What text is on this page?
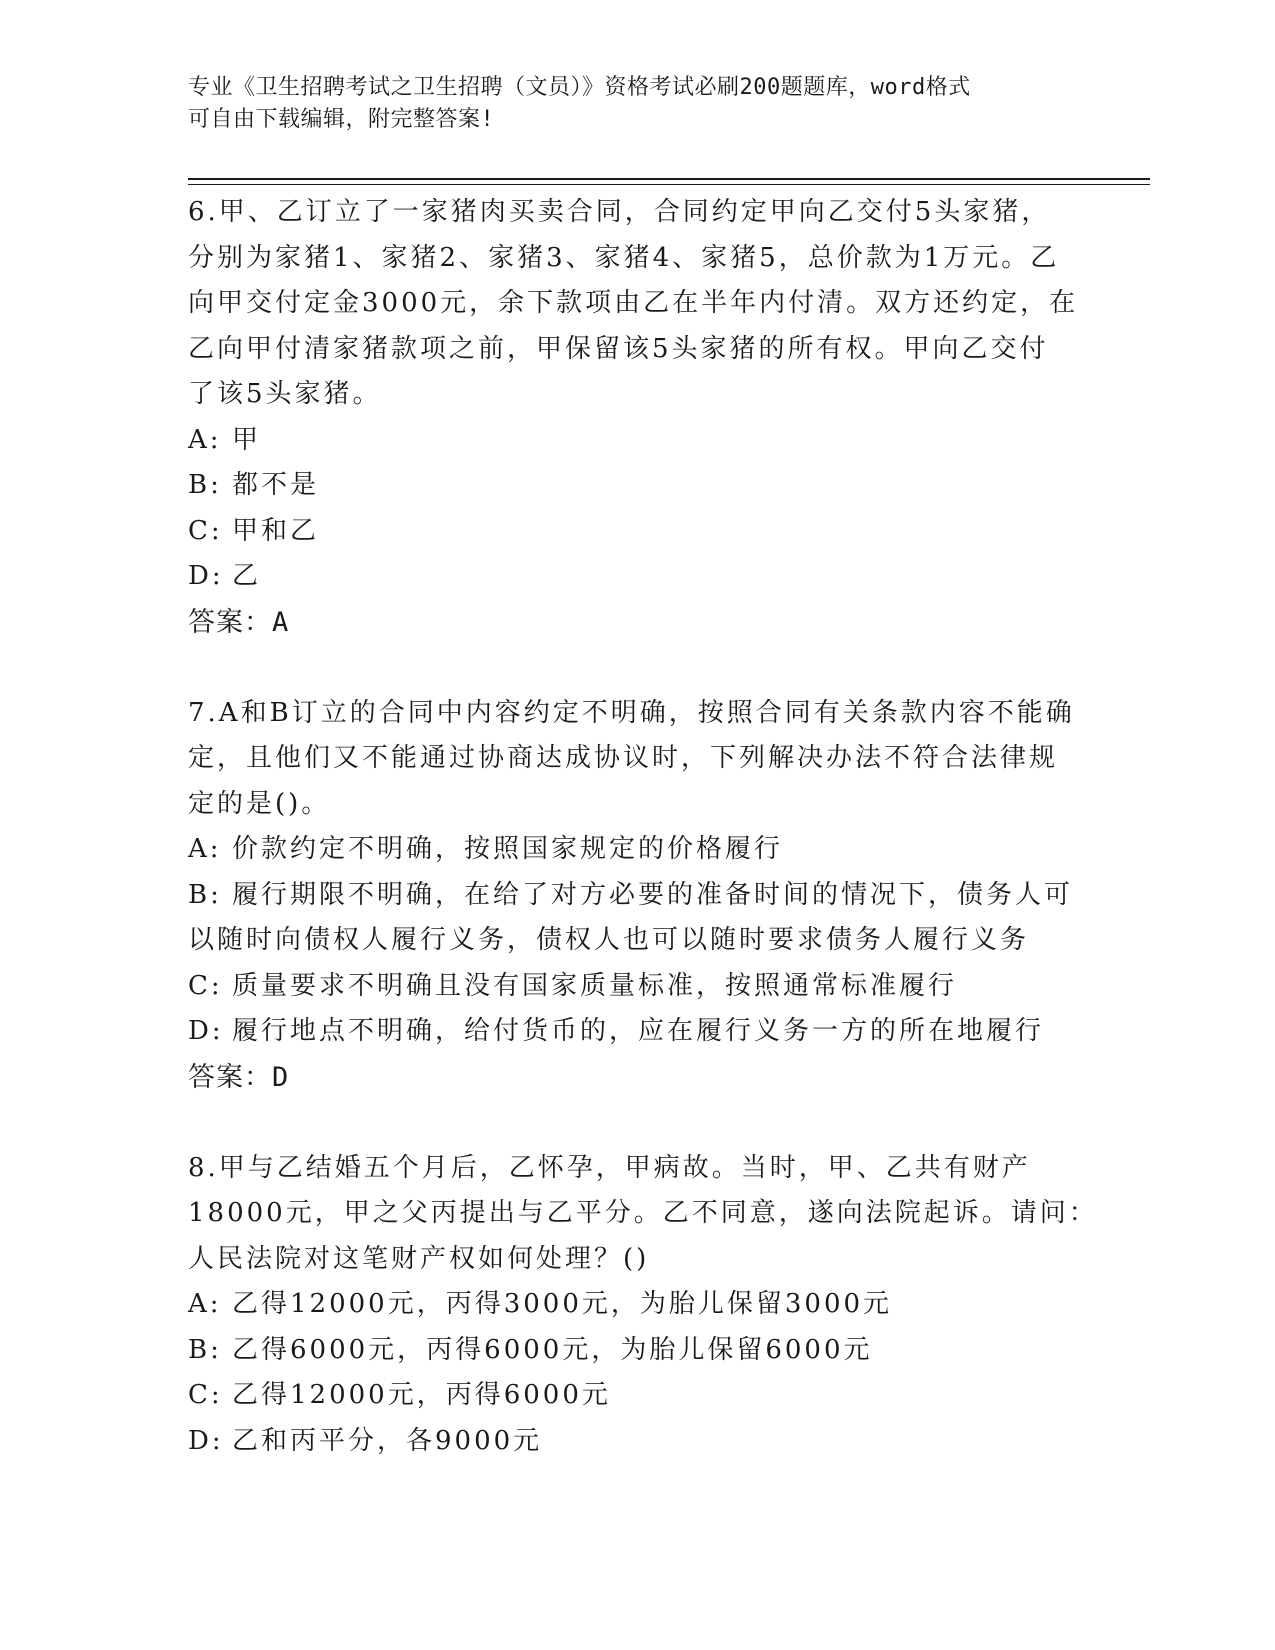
专业《卫生招聘考试之卫生招聘（文员）》资格考试必刷200题题库，word格式
可自由下载编辑，附完整答案!
6.甲、乙订立了一家猪肉买卖合同，合同约定甲向乙交付5头家猪，
分别为家猪1、家猪2、家猪3、家猪4、家猪5，总价款为1万元。乙
向甲交付定金3000元，余下款项由乙在半年内付清。双方还约定，在
乙向甲付清家猪款项之前，甲保留该5头家猪的所有权。甲向乙交付
了该5头家猪。
A: 甲
B: 都不是
C: 甲和乙
D: 乙
答案：A
7.A和B订立的合同中内容约定不明确，按照合同有关条款内容不能确
定，且他们又不能通过协商达成协议时，下列解决办法不符合法律规
定的是()。
A: 价款约定不明确，按照国家规定的价格履行
B: 履行期限不明确，在给了对方必要的准备时间的情况下，债务人可
以随时向债权人履行义务，债权人也可以随时要求债务人履行义务
C: 质量要求不明确且没有国家质量标准，按照通常标准履行
D: 履行地点不明确，给付货币的，应在履行义务一方的所在地履行
答案：D
8.甲与乙结婚五个月后，乙怀孕，甲病故。当时，甲、乙共有财产
18000元，甲之父丙提出与乙平分。乙不同意，遂向法院起诉。请问：
人民法院对这笔财产权如何处理？()
A: 乙得12000元，丙得3000元，为胎儿保留3000元
B: 乙得6000元，丙得6000元，为胎儿保留6000元
C: 乙得12000元，丙得6000元
D: 乙和丙平分，各9000元
